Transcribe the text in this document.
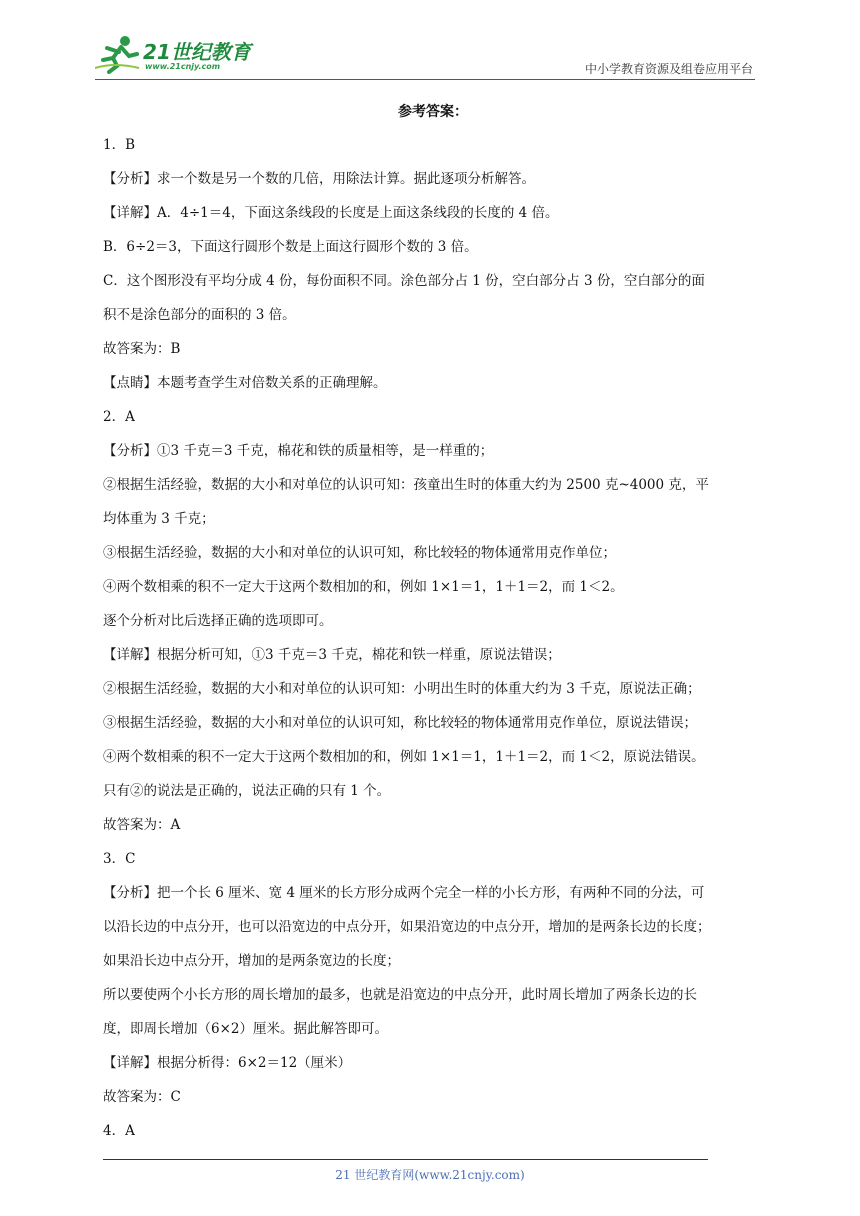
21世纪教育
www.21cnjy.com	中小学教育资源及组卷应用平台
参考答案：
1．B
【分析】求一个数是另一个数的几倍，用除法计算。据此逐项分析解答。
【详解】A．4÷1＝4，下面这条线段的长度是上面这条线段的长度的 4 倍。
B．6÷2＝3，下面这行圆形个数是上面这行圆形个数的 3 倍。
C．这个图形没有平均分成 4 份，每份面积不同。涂色部分占 1 份，空白部分占 3 份，空白部分的面
积不是涂色部分的面积的 3 倍。
故答案为：B
【点睛】本题考查学生对倍数关系的正确理解。
2．A
【分析】①3 千克＝3 千克，棉花和铁的质量相等，是一样重的；
②根据生活经验，数据的大小和对单位的认识可知：孩童出生时的体重大约为 2500 克~4000 克，平
均体重为 3 千克；
③根据生活经验，数据的大小和对单位的认识可知，称比较轻的物体通常用克作单位；
④两个数相乘的积不一定大于这两个数相加的和，例如 1×1＝1，1＋1＝2，而 1＜2。
逐个分析对比后选择正确的选项即可。
【详解】根据分析可知，①3 千克＝3 千克，棉花和铁一样重，原说法错误；
②根据生活经验，数据的大小和对单位的认识可知：小明出生时的体重大约为 3 千克，原说法正确；
③根据生活经验，数据的大小和对单位的认识可知，称比较轻的物体通常用克作单位，原说法错误；
④两个数相乘的积不一定大于这两个数相加的和，例如 1×1＝1，1＋1＝2，而 1＜2，原说法错误。
只有②的说法是正确的，说法正确的只有 1 个。
故答案为：A
3．C
【分析】把一个长 6 厘米、宽 4 厘米的长方形分成两个完全一样的小长方形，有两种不同的分法，可
以沿长边的中点分开，也可以沿宽边的中点分开，如果沿宽边的中点分开，增加的是两条长边的长度；
如果沿长边中点分开，增加的是两条宽边的长度；
所以要使两个小长方形的周长增加的最多，也就是沿宽边的中点分开，此时周长增加了两条长边的长
度，即周长增加（6×2）厘米。据此解答即可。
【详解】根据分析得：6×2＝12（厘米）
故答案为：C
4．A
21 世纪教育网(www.21cnjy.com)
